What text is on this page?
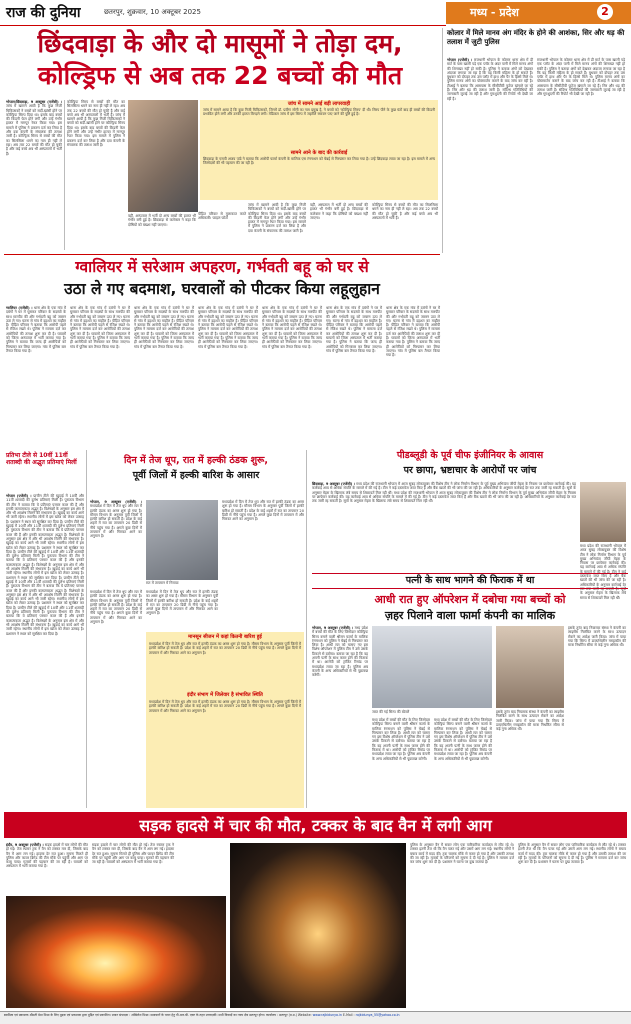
राज की दुनिया	छतरपुर, शुक्रवार, 10 अक्टूबर 2025	मध्य - प्रदेश	2
छिंदवाड़ा के और दो मासूमों ने तोड़ा दम,
कोल्ड्रिफ से अब तक 22 बच्चों की मौत
भोपाल/छिंदवाड़ा, 9 अक्टूबर (एजेंसी) । जांच में खामने आयी है कि कुछ निजी चिकित्सकों ने बच्चों को सर्दी-खांसी होने पर कोल्ड्रिफ सिरप दिया था। इसके बाद बच्चों की किडनी फेल होने लगी और उन्हें गंभीर हालत में नागपुर रेफर किया गया। इस मामले में पुलिस ने प्रकरण दर्ज कर लिया है और दवा कंपनी के संचालक की तलाश जारी है। कोल्ड्रिफ सिरप से बच्चों की मौत का सिलसिला थमने का नाम ही नहीं ले रहा। अब तक 22 बच्चों की मौत हो चुकी है और कई बच्चे अब भी अस्पतालों में भर्ती हैं।
कोल्ड्रिफ सिरप से बच्चों की मौत का सिलसिला थमने का नाम ही नहीं ले रहा। अब तक 22 बच्चों की मौत हो चुकी है और कई बच्चे अब भी अस्पतालों में भर्ती हैं। जांच में खामने आयी है कि कुछ निजी चिकित्सकों ने बच्चों को सर्दी-खांसी होने पर कोल्ड्रिफ सिरप दिया था। इसके बाद बच्चों की किडनी फेल होने लगी और उन्हें गंभीर हालत में नागपुर रेफर किया गया। इस मामले में पुलिस ने प्रकरण दर्ज कर लिया है और दवा कंपनी के संचालक की तलाश जारी है।
पीड़ित परिवार से मुलाकात करते अधिकारी। फाइल फोटो
वहीं, अस्पताल में भर्ती दो अन्य बच्चों की हालत भी गंभीर बनी हुई है। छिंदवाड़ा से कलेक्टर ने कहा कि दोषियों को बख्शा नहीं जाएगा।
जांच में सामने आई बड़ी लापरवाही
जांच में सामने आया है कि कुछ निजी चिकित्सकों, जिनमें डॉ. प्रवीण सोनी का नाम प्रमुख है, ने बच्चों को 'कोल्ड्रिफ सिरप' दी थी। सिरप पीने के कुछ घंटों बाद ही बच्चों की किडनी प्रभावित होने लगी और उनकी हालत बिगड़ने लगी। मेडिकल जांच में इस सिरप में जहरीले रसायन पाए जाने की पुष्टि हुई है।
सामने आने के बाद की कार्रवाई
छिंदवाड़ा के एसपी अजय पांडे ने बताया कि आरोपी फार्मा कंपनी के मालिक एस रंगनाथन को चेन्नई से गिरफ्तार कर लिया गया है। उन्हें छिंदवाड़ा लाया जा रहा है। इस मामले में अन्य जिम्मेदारों की भी पहचान की जा रही है।
जांच में खामने आयी है कि कुछ निजी चिकित्सकों ने बच्चों को सर्दी-खांसी होने पर कोल्ड्रिफ सिरप दिया था। इसके बाद बच्चों की किडनी फेल होने लगी और उन्हें गंभीर हालत में नागपुर रेफर किया गया। इस मामले में पुलिस ने प्रकरण दर्ज कर लिया है और दवा कंपनी के संचालक की तलाश जारी है।
वहीं, अस्पताल में भर्ती दो अन्य बच्चों की हालत भी गंभीर बनी हुई है। छिंदवाड़ा से कलेक्टर ने कहा कि दोषियों को बख्शा नहीं जाएगा।
कोल्ड्रिफ सिरप से बच्चों की मौत का सिलसिला थमने का नाम ही नहीं ले रहा। अब तक 22 बच्चों की मौत हो चुकी है और कई बच्चे अब भी अस्पतालों में भर्ती हैं।
कोलार में मिले मानव अंग मंदिर के होने की आशंका, सिर और धड़ की तलाश में जुटी पुलिस
भोपाल (एजेंसी) । राजधानी भोपाल के कोलार थाना क्षेत्र में डी मार्ट के पास खाली पड़े एक प्लॉट के अंदर पानी में मिले मानव अंगों की शिनाख्त नहीं हो सकी है। पुलिस ने बताया अंगों को देखकर अंदाजा लगाया जा रहा है कि यह किसी महिला के हो सकते हैं। बुधवार को दोपहर तक उस प्लॉट में हाथ और पैर के हिस्से मिले थे। पुलिस मानव अंगों का पोस्टमार्टम कराने के बाद जांच कर रही है। टीआई ने बताया कि आसपास के सीसीटीवी फुटेज खंगाले जा रहे हैं। सिर और धड़ की तलाश जारी है। संदिग्ध गतिविधियों की जानकारी जुटाई जा रही है और गुमशुदगी की रिपोर्ट भी देखी जा रही है।
राजधानी भोपाल के कोलार थाना क्षेत्र में डी मार्ट के पास खाली पड़े एक प्लॉट के अंदर पानी में मिले मानव अंगों की शिनाख्त नहीं हो सकी है। पुलिस ने बताया अंगों को देखकर अंदाजा लगाया जा रहा है कि यह किसी महिला के हो सकते हैं। बुधवार को दोपहर तक उस प्लॉट में हाथ और पैर के हिस्से मिले थे। पुलिस मानव अंगों का पोस्टमार्टम कराने के बाद जांच कर रही है। टीआई ने बताया कि आसपास के सीसीटीवी फुटेज खंगाले जा रहे हैं। सिर और धड़ की तलाश जारी है। संदिग्ध गतिविधियों की जानकारी जुटाई जा रही है और गुमशुदगी की रिपोर्ट भी देखी जा रही है।
ग्वालियर में सरेआम अपहरण, गर्भवती बहू को घर से
उठा ले गए बदमाश, घरवालों को पीटकर किया लहूलुहान
ग्वालियर (एजेंसी) । थाना क्षेत्र के एक गांव में दबंगों ने घर में घुसकर परिवार के सदस्यों के साथ मारपीट की और गर्भवती बहू को जबरन उठा ले गए। घटना से गांव में दहशत का माहौल है। पीड़ित परिवार ने बताया कि आरोपी पहले से रंजिश रखते थे। पुलिस ने मामला दर्ज कर आरोपियों की तलाश शुरू कर दी है। घायलों को जिला अस्पताल में भर्ती कराया गया है। पुलिस ने बताया कि जल्द ही आरोपियों को गिरफ्तार कर लिया जाएगा। गांव में पुलिस बल तैनात किया गया है।
थाना क्षेत्र के एक गांव में दबंगों ने घर में घुसकर परिवार के सदस्यों के साथ मारपीट की और गर्भवती बहू को जबरन उठा ले गए। घटना से गांव में दहशत का माहौल है। पीड़ित परिवार ने बताया कि आरोपी पहले से रंजिश रखते थे। पुलिस ने मामला दर्ज कर आरोपियों की तलाश शुरू कर दी है। घायलों को जिला अस्पताल में भर्ती कराया गया है। पुलिस ने बताया कि जल्द ही आरोपियों को गिरफ्तार कर लिया जाएगा। गांव में पुलिस बल तैनात किया गया है।
थाना क्षेत्र के एक गांव में दबंगों ने घर में घुसकर परिवार के सदस्यों के साथ मारपीट की और गर्भवती बहू को जबरन उठा ले गए। घटना से गांव में दहशत का माहौल है। पीड़ित परिवार ने बताया कि आरोपी पहले से रंजिश रखते थे। पुलिस ने मामला दर्ज कर आरोपियों की तलाश शुरू कर दी है। घायलों को जिला अस्पताल में भर्ती कराया गया है। पुलिस ने बताया कि जल्द ही आरोपियों को गिरफ्तार कर लिया जाएगा। गांव में पुलिस बल तैनात किया गया है।
थाना क्षेत्र के एक गांव में दबंगों ने घर में घुसकर परिवार के सदस्यों के साथ मारपीट की और गर्भवती बहू को जबरन उठा ले गए। घटना से गांव में दहशत का माहौल है। पीड़ित परिवार ने बताया कि आरोपी पहले से रंजिश रखते थे। पुलिस ने मामला दर्ज कर आरोपियों की तलाश शुरू कर दी है। घायलों को जिला अस्पताल में भर्ती कराया गया है। पुलिस ने बताया कि जल्द ही आरोपियों को गिरफ्तार कर लिया जाएगा। गांव में पुलिस बल तैनात किया गया है।
थाना क्षेत्र के एक गांव में दबंगों ने घर में घुसकर परिवार के सदस्यों के साथ मारपीट की और गर्भवती बहू को जबरन उठा ले गए। घटना से गांव में दहशत का माहौल है। पीड़ित परिवार ने बताया कि आरोपी पहले से रंजिश रखते थे। पुलिस ने मामला दर्ज कर आरोपियों की तलाश शुरू कर दी है। घायलों को जिला अस्पताल में भर्ती कराया गया है। पुलिस ने बताया कि जल्द ही आरोपियों को गिरफ्तार कर लिया जाएगा। गांव में पुलिस बल तैनात किया गया है।
थाना क्षेत्र के एक गांव में दबंगों ने घर में घुसकर परिवार के सदस्यों के साथ मारपीट की और गर्भवती बहू को जबरन उठा ले गए। घटना से गांव में दहशत का माहौल है। पीड़ित परिवार ने बताया कि आरोपी पहले से रंजिश रखते थे। पुलिस ने मामला दर्ज कर आरोपियों की तलाश शुरू कर दी है। घायलों को जिला अस्पताल में भर्ती कराया गया है। पुलिस ने बताया कि जल्द ही आरोपियों को गिरफ्तार कर लिया जाएगा। गांव में पुलिस बल तैनात किया गया है।
थाना क्षेत्र के एक गांव में दबंगों ने घर में घुसकर परिवार के सदस्यों के साथ मारपीट की और गर्भवती बहू को जबरन उठा ले गए। घटना से गांव में दहशत का माहौल है। पीड़ित परिवार ने बताया कि आरोपी पहले से रंजिश रखते थे। पुलिस ने मामला दर्ज कर आरोपियों की तलाश शुरू कर दी है। घायलों को जिला अस्पताल में भर्ती कराया गया है। पुलिस ने बताया कि जल्द ही आरोपियों को गिरफ्तार कर लिया जाएगा। गांव में पुलिस बल तैनात किया गया है।
प्रतिभा टीले से 10वीं 11वीं शताब्दी की अद्भुत प्रतिमाएं मिलीं
भोपाल (एजेंसी) । प्राचीन टीले की खुदाई में 10वीं और 11वीं शताब्दी की दुर्लभ प्रतिमाएं मिली हैं। पुरातत्व विभाग की टीम ने बताया कि ये प्रतिमाएं परमार काल की हैं और इनकी कलात्मकता अद्भुत है। विशेषज्ञों के अनुसार इस क्षेत्र में और भी अवशेष मिलने की संभावना है। खुदाई का कार्य आगे भी जारी रहेगा। स्थानीय लोगों में इस खोज को लेकर उत्साह है। प्रशासन ने स्थल को सुरक्षित कर दिया है। प्राचीन टीले की खुदाई में 10वीं और 11वीं शताब्दी की दुर्लभ प्रतिमाएं मिली हैं। पुरातत्व विभाग की टीम ने बताया कि ये प्रतिमाएं परमार काल की हैं और इनकी कलात्मकता अद्भुत है। विशेषज्ञों के अनुसार इस क्षेत्र में और भी अवशेष मिलने की संभावना है। खुदाई का कार्य आगे भी जारी रहेगा। स्थानीय लोगों में इस खोज को लेकर उत्साह है। प्रशासन ने स्थल को सुरक्षित कर दिया है। प्राचीन टीले की खुदाई में 10वीं और 11वीं शताब्दी की दुर्लभ प्रतिमाएं मिली हैं। पुरातत्व विभाग की टीम ने बताया कि ये प्रतिमाएं परमार काल की हैं और इनकी कलात्मकता अद्भुत है। विशेषज्ञों के अनुसार इस क्षेत्र में और भी अवशेष मिलने की संभावना है। खुदाई का कार्य आगे भी जारी रहेगा। स्थानीय लोगों में इस खोज को लेकर उत्साह है। प्रशासन ने स्थल को सुरक्षित कर दिया है। प्राचीन टीले की खुदाई में 10वीं और 11वीं शताब्दी की दुर्लभ प्रतिमाएं मिली हैं। पुरातत्व विभाग की टीम ने बताया कि ये प्रतिमाएं परमार काल की हैं और इनकी कलात्मकता अद्भुत है। विशेषज्ञों के अनुसार इस क्षेत्र में और भी अवशेष मिलने की संभावना है। खुदाई का कार्य आगे भी जारी रहेगा। स्थानीय लोगों में इस खोज को लेकर उत्साह है। प्रशासन ने स्थल को सुरक्षित कर दिया है। प्राचीन टीले की खुदाई में 10वीं और 11वीं शताब्दी की दुर्लभ प्रतिमाएं मिली हैं। पुरातत्व विभाग की टीम ने बताया कि ये प्रतिमाएं परमार काल की हैं और इनकी कलात्मकता अद्भुत है। विशेषज्ञों के अनुसार इस क्षेत्र में और भी अवशेष मिलने की संभावना है। खुदाई का कार्य आगे भी जारी रहेगा। स्थानीय लोगों में इस खोज को लेकर उत्साह है। प्रशासन ने स्थल को सुरक्षित कर दिया है।
दिन में तेज धूप, रात में हल्की ठंडक शुरू,
पूर्वी जिलों में हल्की बारिश के आसार
भोपाल, 9 अक्टूबर (एजेंसी) । मध्यप्रदेश में दिन में तेज धूप और रात में हल्की ठंडक का असर शुरू हो गया है। मौसम विभाग के अनुसार पूर्वी जिलों में हल्की बारिश हो सकती है। प्रदेश के कई शहरों में रात का तापमान 20 डिग्री से नीचे पहुंच गया है। अगले कुछ दिनों में तापमान में और गिरावट आने का अनुमान है।
रात में तापमान में गिरावट
मध्यप्रदेश में दिन में तेज धूप और रात में हल्की ठंडक का असर शुरू हो गया है। मौसम विभाग के अनुसार पूर्वी जिलों में हल्की बारिश हो सकती है। प्रदेश के कई शहरों में रात का तापमान 20 डिग्री से नीचे पहुंच गया है। अगले कुछ दिनों में तापमान में और गिरावट आने का अनुमान है।
मध्यप्रदेश में दिन में तेज धूप और रात में हल्की ठंडक का असर शुरू हो गया है। मौसम विभाग के अनुसार पूर्वी जिलों में हल्की बारिश हो सकती है। प्रदेश के कई शहरों में रात का तापमान 20 डिग्री से नीचे पहुंच गया है। अगले कुछ दिनों में तापमान में और गिरावट आने का अनुमान है।
मध्यप्रदेश में दिन में तेज धूप और रात में हल्की ठंडक का असर शुरू हो गया है। मौसम विभाग के अनुसार पूर्वी जिलों में हल्की बारिश हो सकती है। प्रदेश के कई शहरों में रात का तापमान 20 डिग्री से नीचे पहुंच गया है। अगले कुछ दिनों में तापमान में और गिरावट आने का अनुमान है।
मानसून सीजन में कहां कितनी बारिश हुई
मध्यप्रदेश में दिन में तेज धूप और रात में हल्की ठंडक का असर शुरू हो गया है। मौसम विभाग के अनुसार पूर्वी जिलों में हल्की बारिश हो सकती है। प्रदेश के कई शहरों में रात का तापमान 20 डिग्री से नीचे पहुंच गया है। अगले कुछ दिनों में तापमान में और गिरावट आने का अनुमान है।
इंदौर संभाग में जिलेवार है संभावित स्थिति
मध्यप्रदेश में दिन में तेज धूप और रात में हल्की ठंडक का असर शुरू हो गया है। मौसम विभाग के अनुसार पूर्वी जिलों में हल्की बारिश हो सकती है। प्रदेश के कई शहरों में रात का तापमान 20 डिग्री से नीचे पहुंच गया है। अगले कुछ दिनों में तापमान में और गिरावट आने का अनुमान है।
पीडब्लूडी के पूर्व चीफ इंजीनियर के आवास
पर छापा, भ्रष्टाचार के आरोपों पर जांच
छिंदवाड़ा, 9 अक्टूबर (एजेंसी) । मध्य प्रदेश की राजधानी भोपाल में आज सुबह लोकायुक्त की विशेष टीम ने लोक निर्माण विभाग के पूर्व मुख्य अभियंता जीपी मेहरा के निवास पर छापेमार कार्रवाई की। यह कार्रवाई आय से अधिक संपत्ति के मामले में की गई है। टीम ने कई दस्तावेज जब्त किए हैं और बैंक खातों की भी जांच की जा रही है। अधिकारियों के अनुसार कार्रवाई देर रात तक जारी रह सकती है। सूत्रों के अनुसार मेहरा के खिलाफ लंबे समय से शिकायतें मिल रही थीं। मध्य प्रदेश की राजधानी भोपाल में आज सुबह लोकायुक्त की विशेष टीम ने लोक निर्माण विभाग के पूर्व मुख्य अभियंता जीपी मेहरा के निवास पर छापेमार कार्रवाई की। यह कार्रवाई आय से अधिक संपत्ति के मामले में की गई है। टीम ने कई दस्तावेज जब्त किए हैं और बैंक खातों की भी जांच की जा रही है। अधिकारियों के अनुसार कार्रवाई देर रात तक जारी रह सकती है। सूत्रों के अनुसार मेहरा के खिलाफ लंबे समय से शिकायतें मिल रही थीं।
मध्य प्रदेश की राजधानी भोपाल में आज सुबह लोकायुक्त की विशेष टीम ने लोक निर्माण विभाग के पूर्व मुख्य अभियंता जीपी मेहरा के निवास पर छापेमार कार्रवाई की। यह कार्रवाई आय से अधिक संपत्ति के मामले में की गई है। टीम ने कई दस्तावेज जब्त किए हैं और बैंक खातों की भी जांच की जा रही है। अधिकारियों के अनुसार कार्रवाई देर रात तक जारी रह सकती है। सूत्रों के अनुसार मेहरा के खिलाफ लंबे समय से शिकायतें मिल रही थीं।
पत्नी के साथ भागने की फिराक में था
आधी रात हुए ऑपरेशन में दबोचा गया बच्चों को
ज़हर पिलाने वाला फार्मा कंपनी का मालिक
भोपाल, 9 अक्टूबर (एजेंसी) । मध्य प्रदेश में बच्चों की मौत के लिए जिम्मेदार कोल्ड्रिफ सिरप बनाने वाली श्रीसन फार्मा के मालिक रंगनाथन को पुलिस ने चेन्नई से गिरफ्तार कर लिया है। आधी रात को चलाए गए इस विशेष ऑपरेशन में पुलिस टीम ने उसे उसके ठिकाने से दबोचा। बताया जा रहा है कि वह अपनी पत्नी के साथ फरार होने की फिराक में था। आरोपी को ट्रांजिट रिमांड पर मध्यप्रदेश लाया जा रहा है। पुलिस अब कंपनी के अन्य अधिकारियों से भी पूछताछ करेगी।
जब्त की गई सिरप की बोतलें
मध्य प्रदेश में बच्चों की मौत के लिए जिम्मेदार कोल्ड्रिफ सिरप बनाने वाली श्रीसन फार्मा के मालिक रंगनाथन को पुलिस ने चेन्नई से गिरफ्तार कर लिया है। आधी रात को चलाए गए इस विशेष ऑपरेशन में पुलिस टीम ने उसे उसके ठिकाने से दबोचा। बताया जा रहा है कि वह अपनी पत्नी के साथ फरार होने की फिराक में था। आरोपी को ट्रांजिट रिमांड पर मध्यप्रदेश लाया जा रहा है। पुलिस अब कंपनी के अन्य अधिकारियों से भी पूछताछ करेगी।
मध्य प्रदेश में बच्चों की मौत के लिए जिम्मेदार कोल्ड्रिफ सिरप बनाने वाली श्रीसन फार्मा के मालिक रंगनाथन को पुलिस ने चेन्नई से गिरफ्तार कर लिया है। आधी रात को चलाए गए इस विशेष ऑपरेशन में पुलिस टीम ने उसे उसके ठिकाने से दबोचा। बताया जा रहा है कि वह अपनी पत्नी के साथ फरार होने की फिराक में था। आरोपी को ट्रांजिट रिमांड पर मध्यप्रदेश लाया जा रहा है। पुलिस अब कंपनी के अन्य अधिकारियों से भी पूछताछ करेगी।
इसके तुरंत बाद नियामक संस्था ने कंपनी का लाइसेंस निलंबित करने के साथ उत्पादन रोकने का आदेश जारी किया। जांच में पाया गया कि सिरप में डायएथिलीन ग्लाइकॉल की मात्रा निर्धारित सीमा से कई गुना अधिक थी।
इसके तुरंत बाद नियामक संस्था ने कंपनी का लाइसेंस निलंबित करने के साथ उत्पादन रोकने का आदेश जारी किया। जांच में पाया गया कि सिरप में डायएथिलीन ग्लाइकॉल की मात्रा निर्धारित सीमा से कई गुना अधिक थी।
सड़क हादसे में चार की मौत, टक्कर के बाद वैन में लगी आग
इंदौर, 9 अक्टूबर (एजेंसी) । सड़क हादसे में चार लोगों की मौत हो गई। तेज रफ्तार ट्रक ने वैन को टक्कर मार दी, जिसके बाद वैन में आग लग गई। हादसा देर रात हुआ। सूचना मिलते ही पुलिस और फायर ब्रिगेड की टीम मौके पर पहुंची और आग पर काबू पाया। मृतकों की पहचान की जा रही है। घायलों को अस्पताल में भर्ती कराया गया है।
सड़क हादसे में चार लोगों की मौत हो गई। तेज रफ्तार ट्रक ने वैन को टक्कर मार दी, जिसके बाद वैन में आग लग गई। हादसा देर रात हुआ। सूचना मिलते ही पुलिस और फायर ब्रिगेड की टीम मौके पर पहुंची और आग पर काबू पाया। मृतकों की पहचान की जा रही है। घायलों को अस्पताल में भर्ती कराया गया है।
पुलिस के अनुसार वैन में सवार लोग एक पारिवारिक कार्यक्रम से लौट रहे थे। टक्कर इतनी तेज थी कि वैन पलट गई और उसमें आग लग गई। स्थानीय लोगों ने बचाव कार्य में मदद की। ट्रक चालक मौके से फरार हो गया है और उसकी तलाश की जा रही है। मृतकों के परिजनों को सूचना दे दी गई है। पुलिस ने मामला दर्ज कर जांच शुरू कर दी है। प्रशासन ने घटना पर दुख जताया है।
पुलिस के अनुसार वैन में सवार लोग एक पारिवारिक कार्यक्रम से लौट रहे थे। टक्कर इतनी तेज थी कि वैन पलट गई और उसमें आग लग गई। स्थानीय लोगों ने बचाव कार्य में मदद की। ट्रक चालक मौके से फरार हो गया है और उसकी तलाश की जा रही है। मृतकों के परिजनों को सूचना दे दी गई है। पुलिस ने मामला दर्ज कर जांच शुरू कर दी है। प्रशासन ने घटना पर दुख जताया है।
स्वामित्व एवं प्रकाशक श्रीमती प्रेमा मिश्रा के लिए मुद्रक एवं प्रकाशक द्वारा मुद्रित एवं प्रकाशित। प्रधान संपादक : अखिलेश मिश्रा। समाचारों के चयन हेतु पी.आर.बी. एक्ट के तहत उत्तरदायी। सभी विवादों का न्याय क्षेत्र छतरपुर होगा। कार्यालय : छतरपुर (म.प्र.) Website: www.rajkidunya.in E-Mail : rajkidunya_55@yahoo.co.in
